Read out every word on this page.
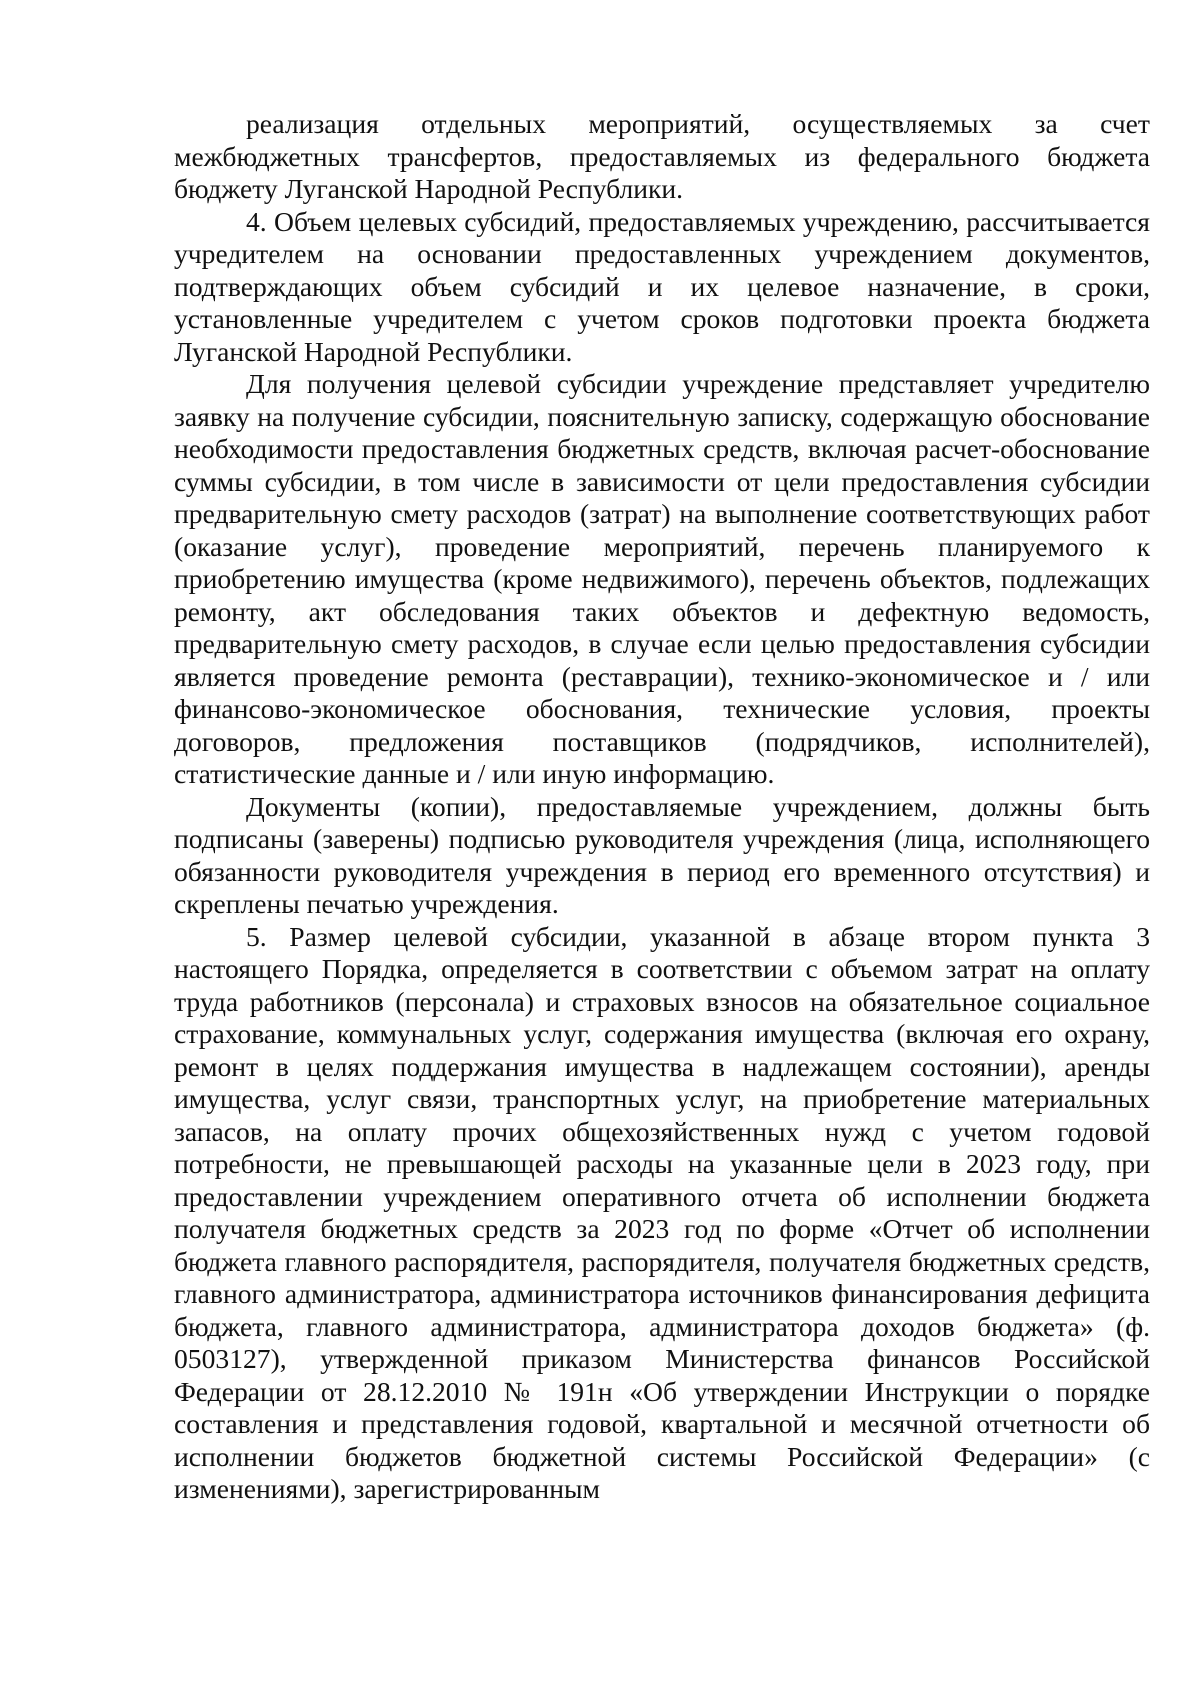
реализация отдельных мероприятий, осуществляемых за счет межбюджетных трансфертов, предоставляемых из федерального бюджета бюджету Луганской Народной Республики.

4. Объем целевых субсидий, предоставляемых учреждению, рассчитывается учредителем на основании предоставленных учреждением документов, подтверждающих объем субсидий и их целевое назначение, в сроки, установленные учредителем с учетом сроков подготовки проекта бюджета Луганской Народной Республики.

Для получения целевой субсидии учреждение представляет учредителю заявку на получение субсидии, пояснительную записку, содержащую обоснование необходимости предоставления бюджетных средств, включая расчет-обоснование суммы субсидии, в том числе в зависимости от цели предоставления субсидии предварительную смету расходов (затрат) на выполнение соответствующих работ (оказание услуг), проведение мероприятий, перечень планируемого к приобретению имущества (кроме недвижимого), перечень объектов, подлежащих ремонту, акт обследования таких объектов и дефектную ведомость, предварительную смету расходов, в случае если целью предоставления субсидии является проведение ремонта (реставрации), технико-экономическое и / или финансово-экономическое обоснования, технические условия, проекты договоров, предложения поставщиков (подрядчиков, исполнителей), статистические данные и / или иную информацию.

Документы (копии), предоставляемые учреждением, должны быть подписаны (заверены) подписью руководителя учреждения (лица, исполняющего обязанности руководителя учреждения в период его временного отсутствия) и скреплены печатью учреждения.

5. Размер целевой субсидии, указанной в абзаце втором пункта 3 настоящего Порядка, определяется в соответствии с объемом затрат на оплату труда работников (персонала) и страховых взносов на обязательное социальное страхование, коммунальных услуг, содержания имущества (включая его охрану, ремонт в целях поддержания имущества в надлежащем состоянии), аренды имущества, услуг связи, транспортных услуг, на приобретение материальных запасов, на оплату прочих общехозяйственных нужд с учетом годовой потребности, не превышающей расходы на указанные цели в 2023 году, при предоставлении учреждением оперативного отчета об исполнении бюджета получателя бюджетных средств за 2023 год по форме «Отчет об исполнении бюджета главного распорядителя, распорядителя, получателя бюджетных средств, главного администратора, администратора источников финансирования дефицита бюджета, главного администратора, администратора доходов бюджета» (ф. 0503127), утвержденной приказом Министерства финансов Российской Федерации от 28.12.2010 № 191н «Об утверждении Инструкции о порядке составления и представления годовой, квартальной и месячной отчетности об исполнении бюджетов бюджетной системы Российской Федерации» (с изменениями), зарегистрированным
